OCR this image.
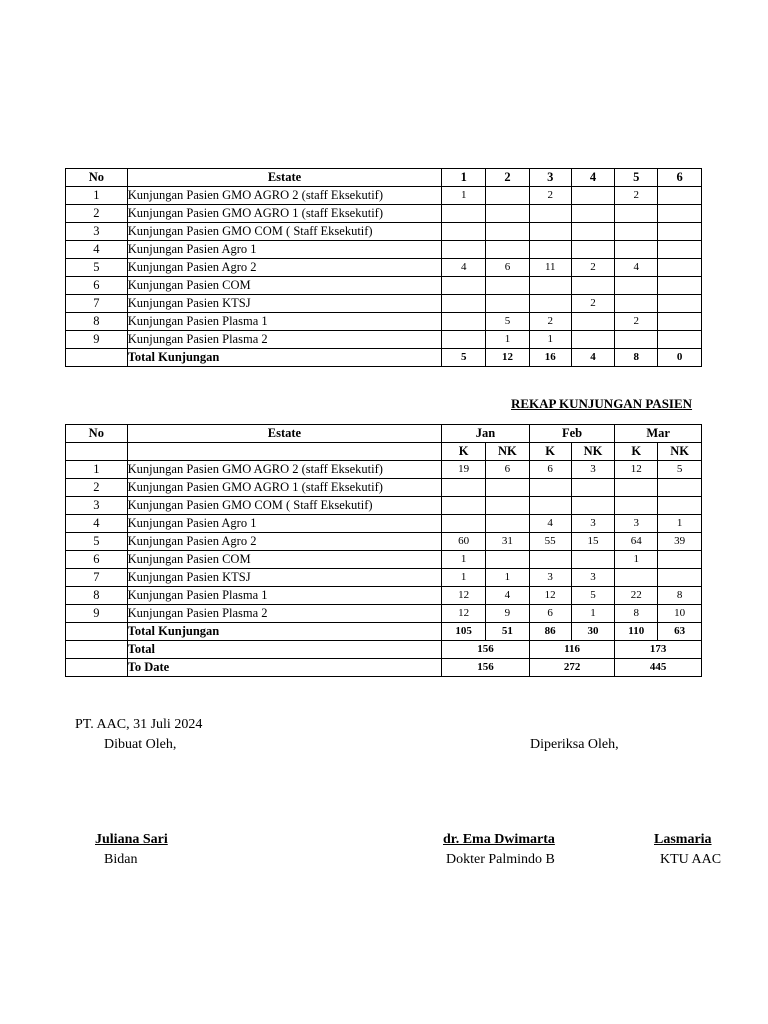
No	Estate	1	2	3	4	5	6
1	Kunjungan Pasien GMO AGRO 2 (staff Eksekutif)	1		2		2	
2	Kunjungan Pasien GMO AGRO 1 (staff Eksekutif)						
3	Kunjungan Pasien GMO COM ( Staff Eksekutif)						
4	Kunjungan Pasien Agro 1						
5	Kunjungan Pasien Agro 2	4	6	11	2	4	
6	Kunjungan Pasien COM						
7	Kunjungan Pasien KTSJ				2		
8	Kunjungan Pasien Plasma 1		5	2		2	
9	Kunjungan Pasien Plasma 2		1	1			
	Total Kunjungan	5	12	16	4	8	0
REKAP KUNJUNGAN PASIEN
No	Estate	Jan		Feb		Mar	
		K	NK	K	NK	K	NK
1	Kunjungan Pasien GMO AGRO 2 (staff Eksekutif)	19	6	6	3	12	5
2	Kunjungan Pasien GMO AGRO 1 (staff Eksekutif)						
3	Kunjungan Pasien GMO COM ( Staff Eksekutif)						
4	Kunjungan Pasien Agro 1			4	3	3	1
5	Kunjungan Pasien Agro 2	60	31	55	15	64	39
6	Kunjungan Pasien COM	1				1	
7	Kunjungan Pasien KTSJ	1	1	3	3		
8	Kunjungan Pasien Plasma 1	12	4	12	5	22	8
9	Kunjungan Pasien Plasma 2	12	9	6	1	8	10
	Total Kunjungan	105	51	86	30	110	63
	Total	156		116		173	
	To Date	156		272		445	
PT. AAC, 31 Juli 2024
Dibuat Oleh,	Diperiksa Oleh,
Juliana Sari
Bidan
dr. Ema Dwimarta
Dokter Palmindo B
Lasmaria
KTU AAC
